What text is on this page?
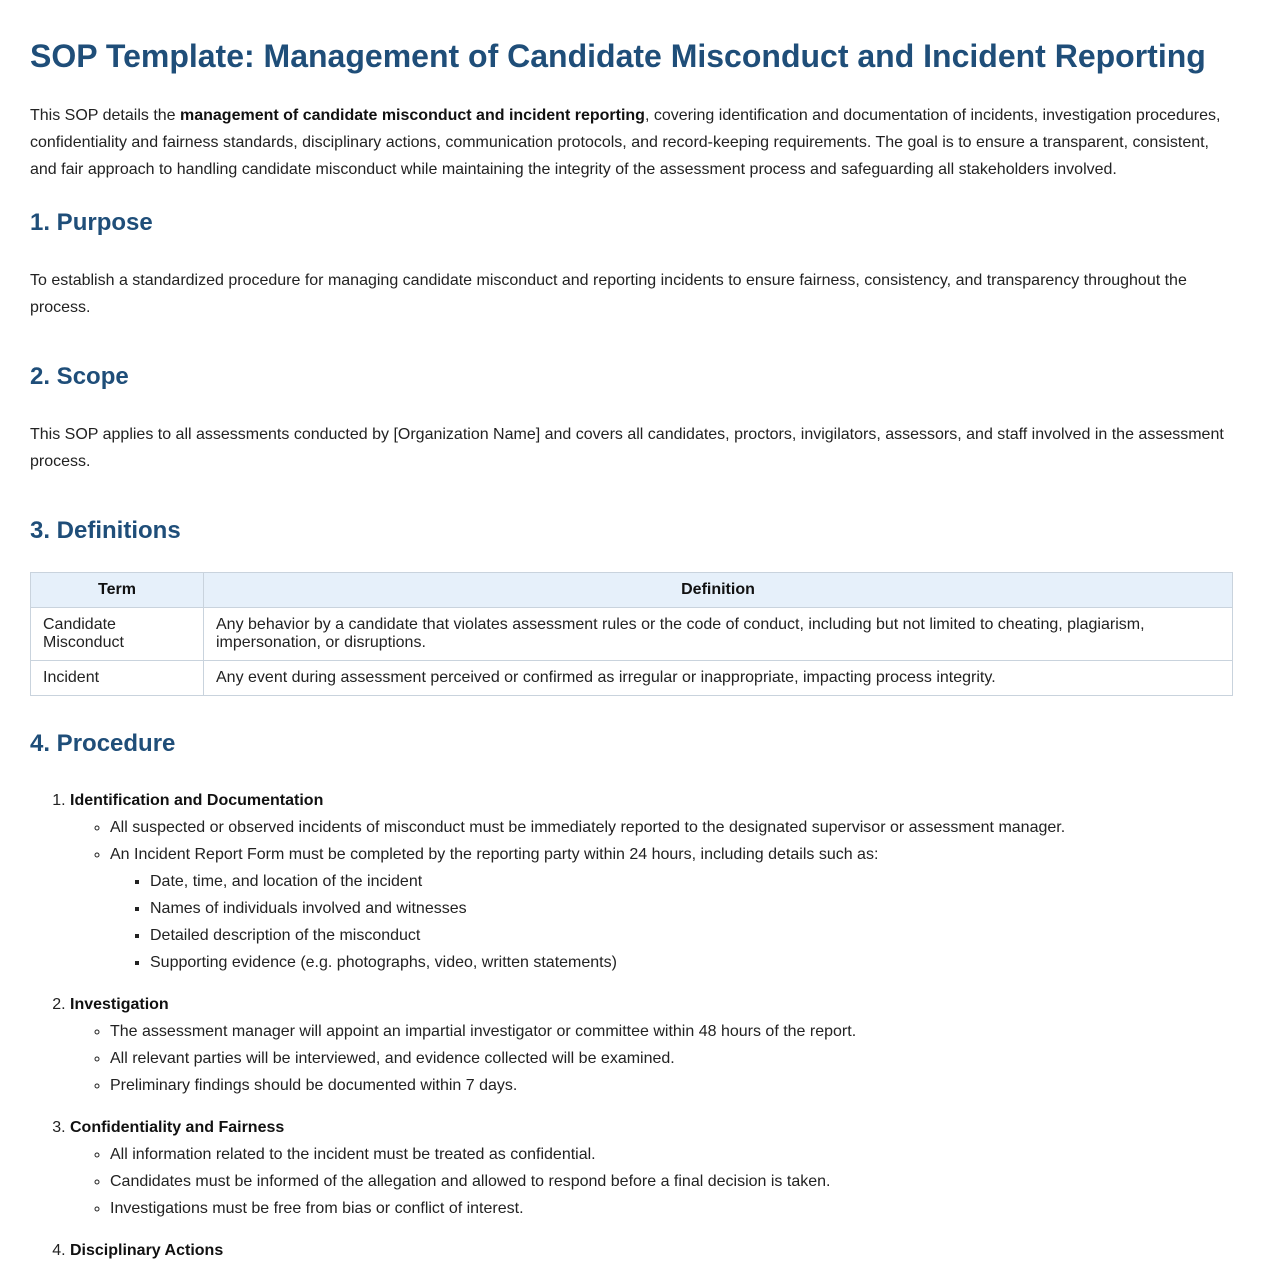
SOP Template: Management of Candidate Misconduct and Incident Reporting

This SOP details the management of candidate misconduct and incident reporting, covering identification and documentation of incidents, investigation procedures, confidentiality and fairness standards, disciplinary actions, communication protocols, and record-keeping requirements. The goal is to ensure a transparent, consistent, and fair approach to handling candidate misconduct while maintaining the integrity of the assessment process and safeguarding all stakeholders involved.

1. Purpose

To establish a standardized procedure for managing candidate misconduct and reporting incidents to ensure fairness, consistency, and transparency throughout the process.

2. Scope

This SOP applies to all assessments conducted by [Organization Name] and covers all candidates, proctors, invigilators, assessors, and staff involved in the assessment process.

3. Definitions
Term	Definition
Candidate Misconduct	Any behavior by a candidate that violates assessment rules or the code of conduct, including but not limited to cheating, plagiarism, impersonation, or disruptions.
Incident	Any event during assessment perceived or confirmed as irregular or inappropriate, impacting process integrity.
4. Procedure
1. Identification and Documentation
◦ All suspected or observed incidents of misconduct must be immediately reported to the designated supervisor or assessment manager.
◦ An Incident Report Form must be completed by the reporting party within 24 hours, including details such as:
▪ Date, time, and location of the incident
▪ Names of individuals involved and witnesses
▪ Detailed description of the misconduct
▪ Supporting evidence (e.g. photographs, video, written statements)
2. Investigation
◦ The assessment manager will appoint an impartial investigator or committee within 48 hours of the report.
◦ All relevant parties will be interviewed, and evidence collected will be examined.
◦ Preliminary findings should be documented within 7 days.
3. Confidentiality and Fairness
◦ All information related to the incident must be treated as confidential.
◦ Candidates must be informed of the allegation and allowed to respond before a final decision is taken.
◦ Investigations must be free from bias or conflict of interest.
4. Disciplinary Actions
